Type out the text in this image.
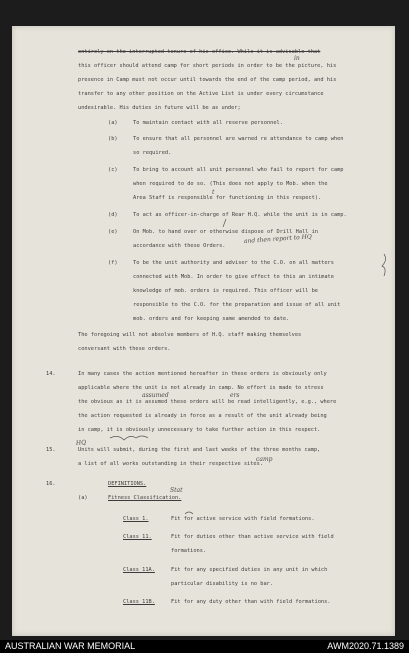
entirely on the interrupted tenure of his office. While it is advisable that
this officer should attend camp for short periods in order to be the picture, his
presence in Camp must not occur until towards the end of the camp period, and his
transfer to any other position on the Active List is under every circumstance
undesirable. His duties in future will be as under;
(a)	To maintain contact with all reserve personnel.
(b)	To ensure that all personnel are warned re attendance to camp when
so required.
(c)	To bring to account all unit personnel who fail to report for camp
when required to do so. (This does not apply to Mob. when the
Area Staff is responsible for functioning in this respect).
(d)	To act as officer-in-charge of Rear H.Q. while the unit is in camp.
(e)	On Mob. to hand over or otherwise dispose of Drill Hall in
accordance with these Orders.
(f)	To be the unit authority and adviser to the C.O. on all matters
connected with Mob. In order to give effect to this an intimate
knowledge of mob. orders is required. This officer will be
responsible to the C.O. for the preparation and issue of all unit
mob. orders and for keeping same amended to date.
The foregoing will not absolve members of H.Q. staff making themselves
conversant with these orders.
14.	In many cases the action mentioned hereafter in these orders is obviously only
applicable where the unit is not already in camp. No effort is made to stress
the obvious as it is assumed these orders will be read intelligently, e.g., where
the action requested is already in force as a result of the unit already being
in camp, it is obviously unnecessary to take further action in this respect.
15.	Units will submit, during the first and last weeks of the three months camp,
a list of all works outstanding in their respective sites.
16.	DEFINITIONS.
(a)	Fitness Classification.
Class 1.	Fit for active service with field formations.
Class 11.	Fit for duties other than active service with field
formations.
Class 11A.	Fit for any specified duties in any unit in which
particular disability is no bar.
Class 11B.	Fit for any duty other than with field formations.
in
t
and then report to HQ
assumed	ers
camp
HQ
Stat
AUSTRALIAN WAR MEMORIAL	AWM2020.71.1389
